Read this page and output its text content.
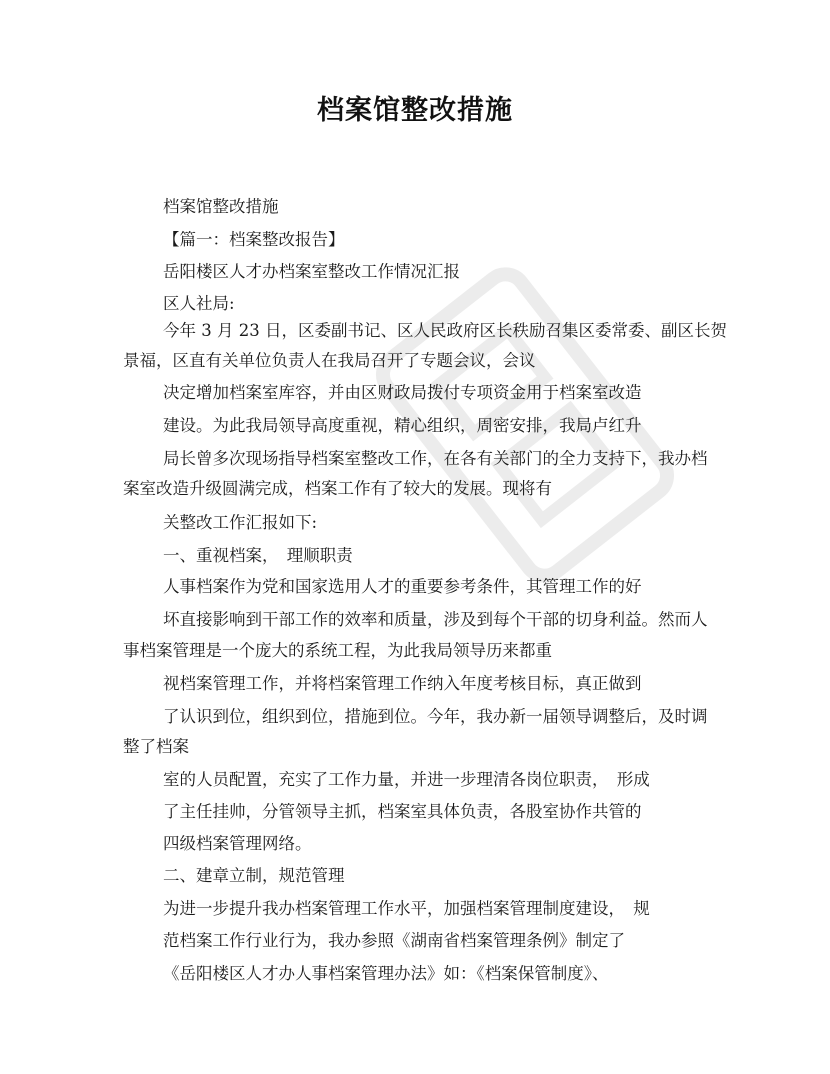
档案馆整改措施
档案馆整改措施
【篇一：档案整改报告】
岳阳楼区人才办档案室整改工作情况汇报
区人社局:
今年 3 月 23 日，区委副书记、区人民政府区长秩励召集区委常委、副区长贺
景福，区直有关单位负责人在我局召开了专题会议，会议
决定增加档案室库容，并由区财政局拨付专项资金用于档案室改造
建设。为此我局领导高度重视，精心组织，周密安排，我局卢红升
局长曾多次现场指导档案室整改工作，在各有关部门的全力支持下，我办档
案室改造升级圆满完成，档案工作有了较大的发展。现将有
关整改工作汇报如下:
一、重视档案，　理顺职责
人事档案作为党和国家选用人才的重要参考条件，其管理工作的好
坏直接影响到干部工作的效率和质量，涉及到每个干部的切身利益。然而人
事档案管理是一个庞大的系统工程，为此我局领导历来都重
视档案管理工作，并将档案管理工作纳入年度考核目标，真正做到
了认识到位，组织到位，措施到位。今年，我办新一届领导调整后，及时调
整了档案
室的人员配置，充实了工作力量，并进一步理清各岗位职责，　形成
了主任挂帅，分管领导主抓，档案室具体负责，各股室协作共管的
四级档案管理网络。
二、建章立制，规范管理
为进一步提升我办档案管理工作水平，加强档案管理制度建设，　规
范档案工作行业行为，我办参照《湖南省档案管理条例》制定了
《岳阳楼区人才办人事档案管理办法》如：《档案保管制度》、
